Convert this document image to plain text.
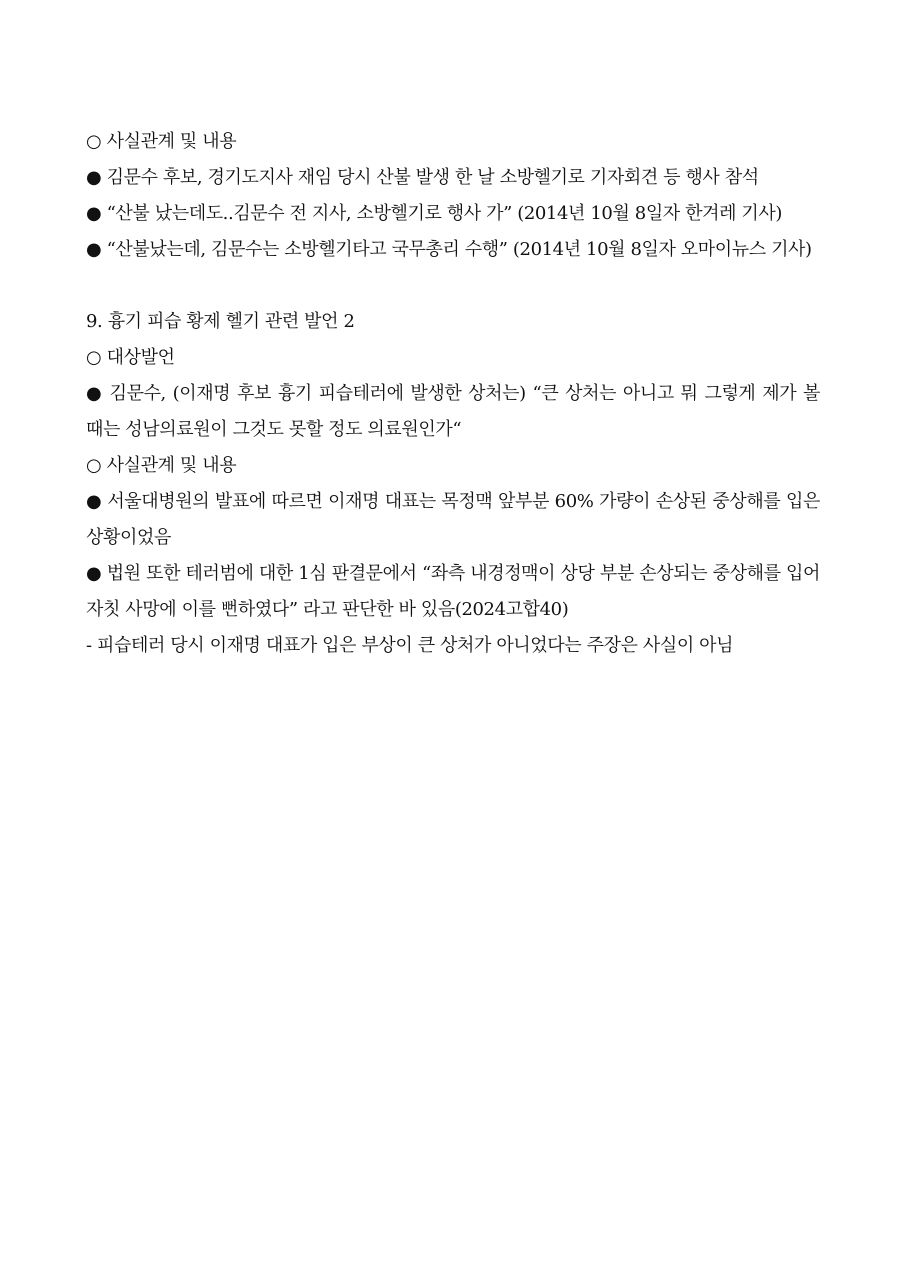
○ 사실관계 및 내용
● 김문수 후보, 경기도지사 재임 당시 산불 발생 한 날 소방헬기로 기자회견 등 행사 참석
● “산불 났는데도..김문수 전 지사, 소방헬기로 행사 가” (2014년 10월 8일자 한겨레 기사)
● “산불났는데, 김문수는 소방헬기타고 국무총리 수행” (2014년 10월 8일자 오마이뉴스 기사)
9. 흉기 피습 황제 헬기 관련 발언 2
○ 대상발언
● 김문수, (이재명 후보 흉기 피습테러에 발생한 상처는) “큰 상처는 아니고 뭐 그렇게 제가 볼 때는 성남의료원이 그것도 못할 정도 의료원인가“
○ 사실관계 및 내용
● 서울대병원의 발표에 따르면 이재명 대표는 목정맥 앞부분 60% 가량이 손상된 중상해를 입은 상황이었음
● 법원 또한 테러범에 대한 1심 판결문에서 “좌측 내경정맥이 상당 부분 손상되는 중상해를 입어 자칫 사망에 이를 뻔하였다” 라고 판단한 바 있음(2024고합40)
- 피습테러 당시 이재명 대표가 입은 부상이 큰 상처가 아니었다는 주장은 사실이 아님
